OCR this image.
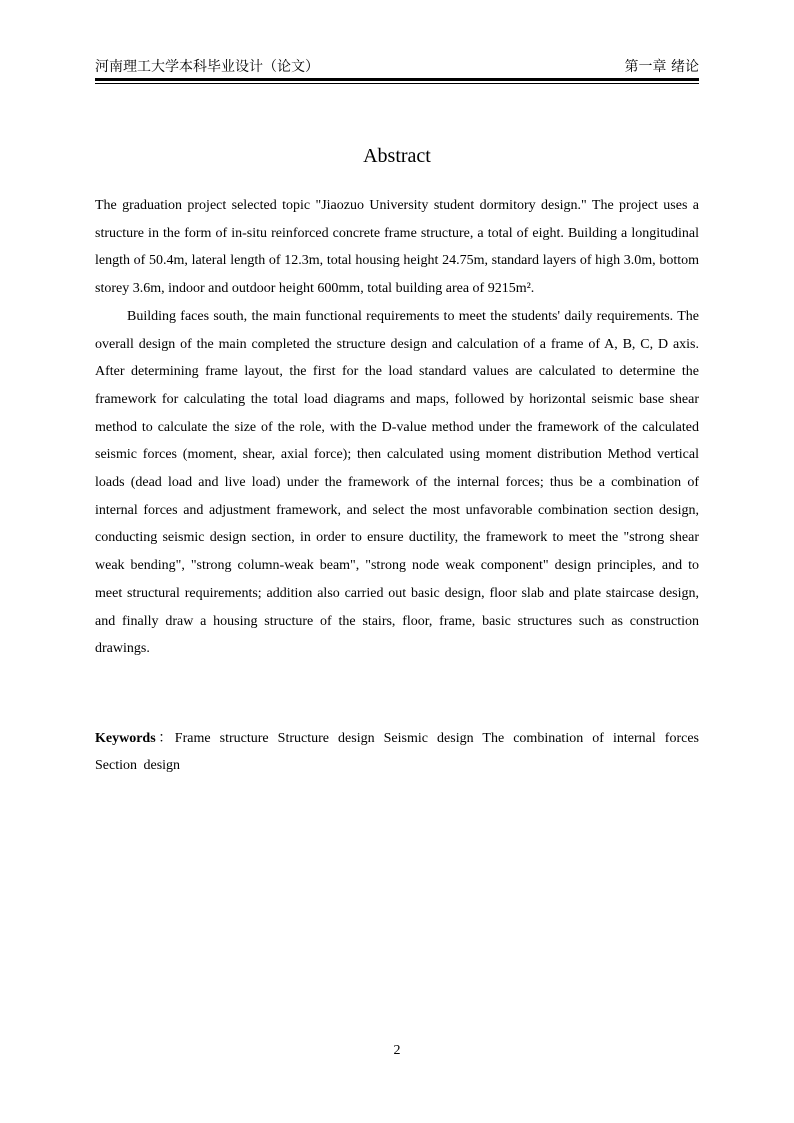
河南理工大学本科毕业设计（论文）	第一章 绪论
Abstract

The graduation project selected topic "Jiaozuo University student dormitory design." The project uses a structure in the form of in-situ reinforced concrete frame structure, a total of eight. Building a longitudinal length of 50.4m, lateral length of 12.3m, total housing height 24.75m, standard layers of high 3.0m, bottom storey 3.6m, indoor and outdoor height 600mm, total building area of 9215m².

Building faces south, the main functional requirements to meet the students' daily requirements. The overall design of the main completed the structure design and calculation of a frame of A, B, C, D axis. After determining frame layout, the first for the load standard values are calculated to determine the framework for calculating the total load diagrams and maps, followed by horizontal seismic base shear method to calculate the size of the role, with the D-value method under the framework of the calculated seismic forces (moment, shear, axial force); then calculated using moment distribution Method vertical loads (dead load and live load) under the framework of the internal forces; thus be a combination of internal forces and adjustment framework, and select the most unfavorable combination section design, conducting seismic design section, in order to ensure ductility, the framework to meet the "strong shear weak bending", "strong column-weak beam", "strong node weak component" design principles, and to meet structural requirements; addition also carried out basic design, floor slab and plate staircase design, and finally draw a housing structure of the stairs, floor, frame, basic structures such as construction drawings.

Keywords：Frame structure Structure design Seismic design The combination of internal forces Section design
2
